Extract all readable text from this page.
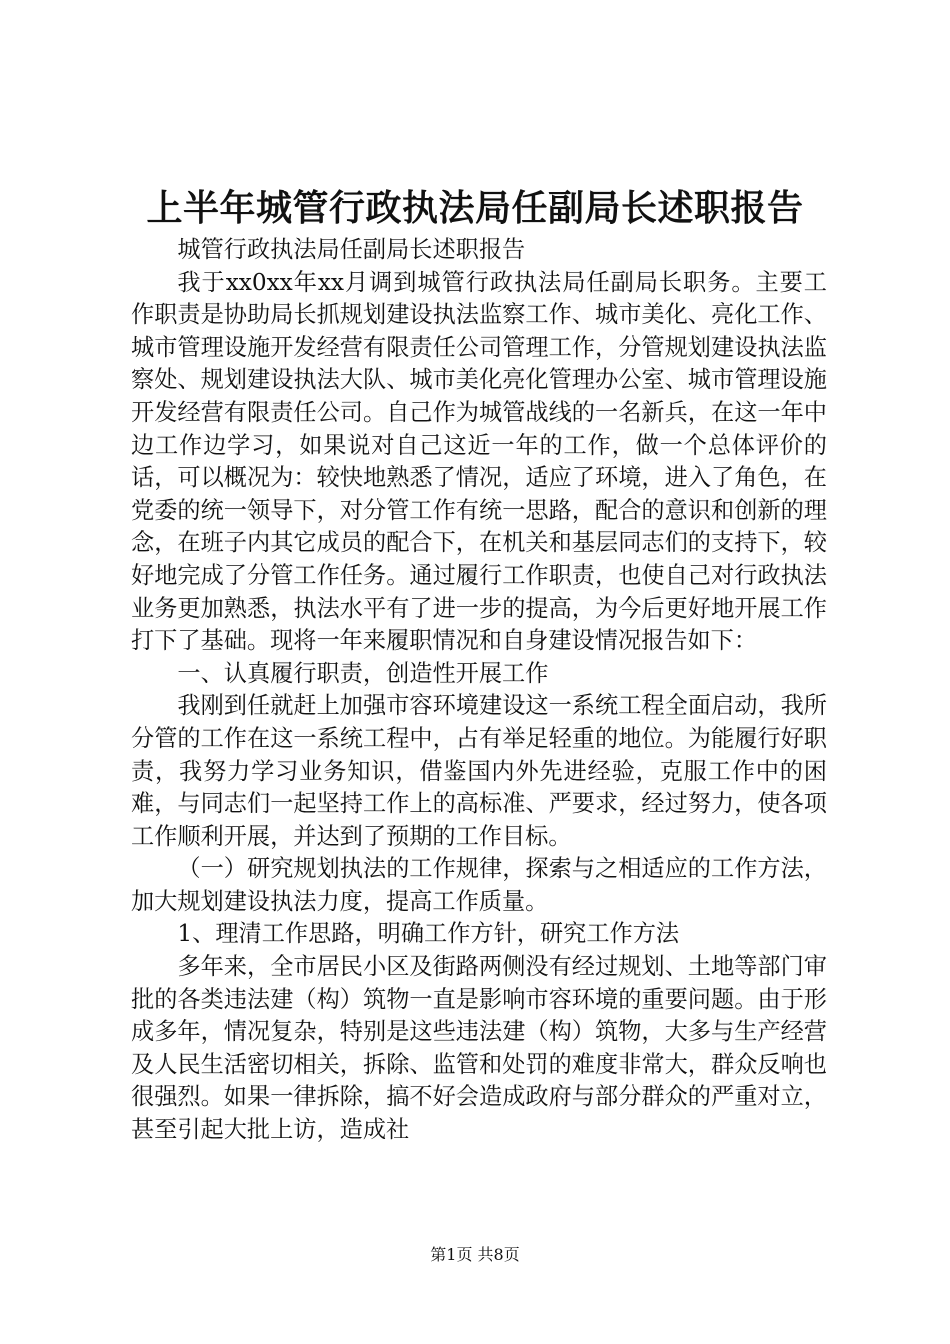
上半年城管行政执法局任副局长述职报告

城管行政执法局任副局长述职报告

我于xx0xx年xx月调到城管行政执法局任副局长职务。主要工作职责是协助局长抓规划建设执法监察工作、城市美化、亮化工作、城市管理设施开发经营有限责任公司管理工作，分管规划建设执法监察处、规划建设执法大队、城市美化亮化管理办公室、城市管理设施开发经营有限责任公司。自己作为城管战线的一名新兵，在这一年中边工作边学习，如果说对自己这近一年的工作，做一个总体评价的话，可以概况为：较快地熟悉了情况，适应了环境，进入了角色，在党委的统一领导下，对分管工作有统一思路，配合的意识和创新的理念，在班子内其它成员的配合下，在机关和基层同志们的支持下，较好地完成了分管工作任务。通过履行工作职责，也使自己对行政执法业务更加熟悉，执法水平有了进一步的提高，为今后更好地开展工作打下了基础。现将一年来履职情况和自身建设情况报告如下：

一、认真履行职责，创造性开展工作

我刚到任就赶上加强市容环境建设这一系统工程全面启动，我所分管的工作在这一系统工程中，占有举足轻重的地位。为能履行好职责，我努力学习业务知识，借鉴国内外先进经验，克服工作中的困难，与同志们一起坚持工作上的高标准、严要求，经过努力，使各项工作顺利开展，并达到了预期的工作目标。

（一）研究规划执法的工作规律，探索与之相适应的工作方法，加大规划建设执法力度，提高工作质量。

1、理清工作思路，明确工作方针，研究工作方法

多年来，全市居民小区及街路两侧没有经过规划、土地等部门审批的各类违法建（构）筑物一直是影响市容环境的重要问题。由于形成多年，情况复杂，特别是这些违法建（构）筑物，大多与生产经营及人民生活密切相关，拆除、监管和处罚的难度非常大，群众反响也很强烈。如果一律拆除，搞不好会造成政府与部分群众的严重对立，甚至引起大批上访，造成社

第1页 共8页
